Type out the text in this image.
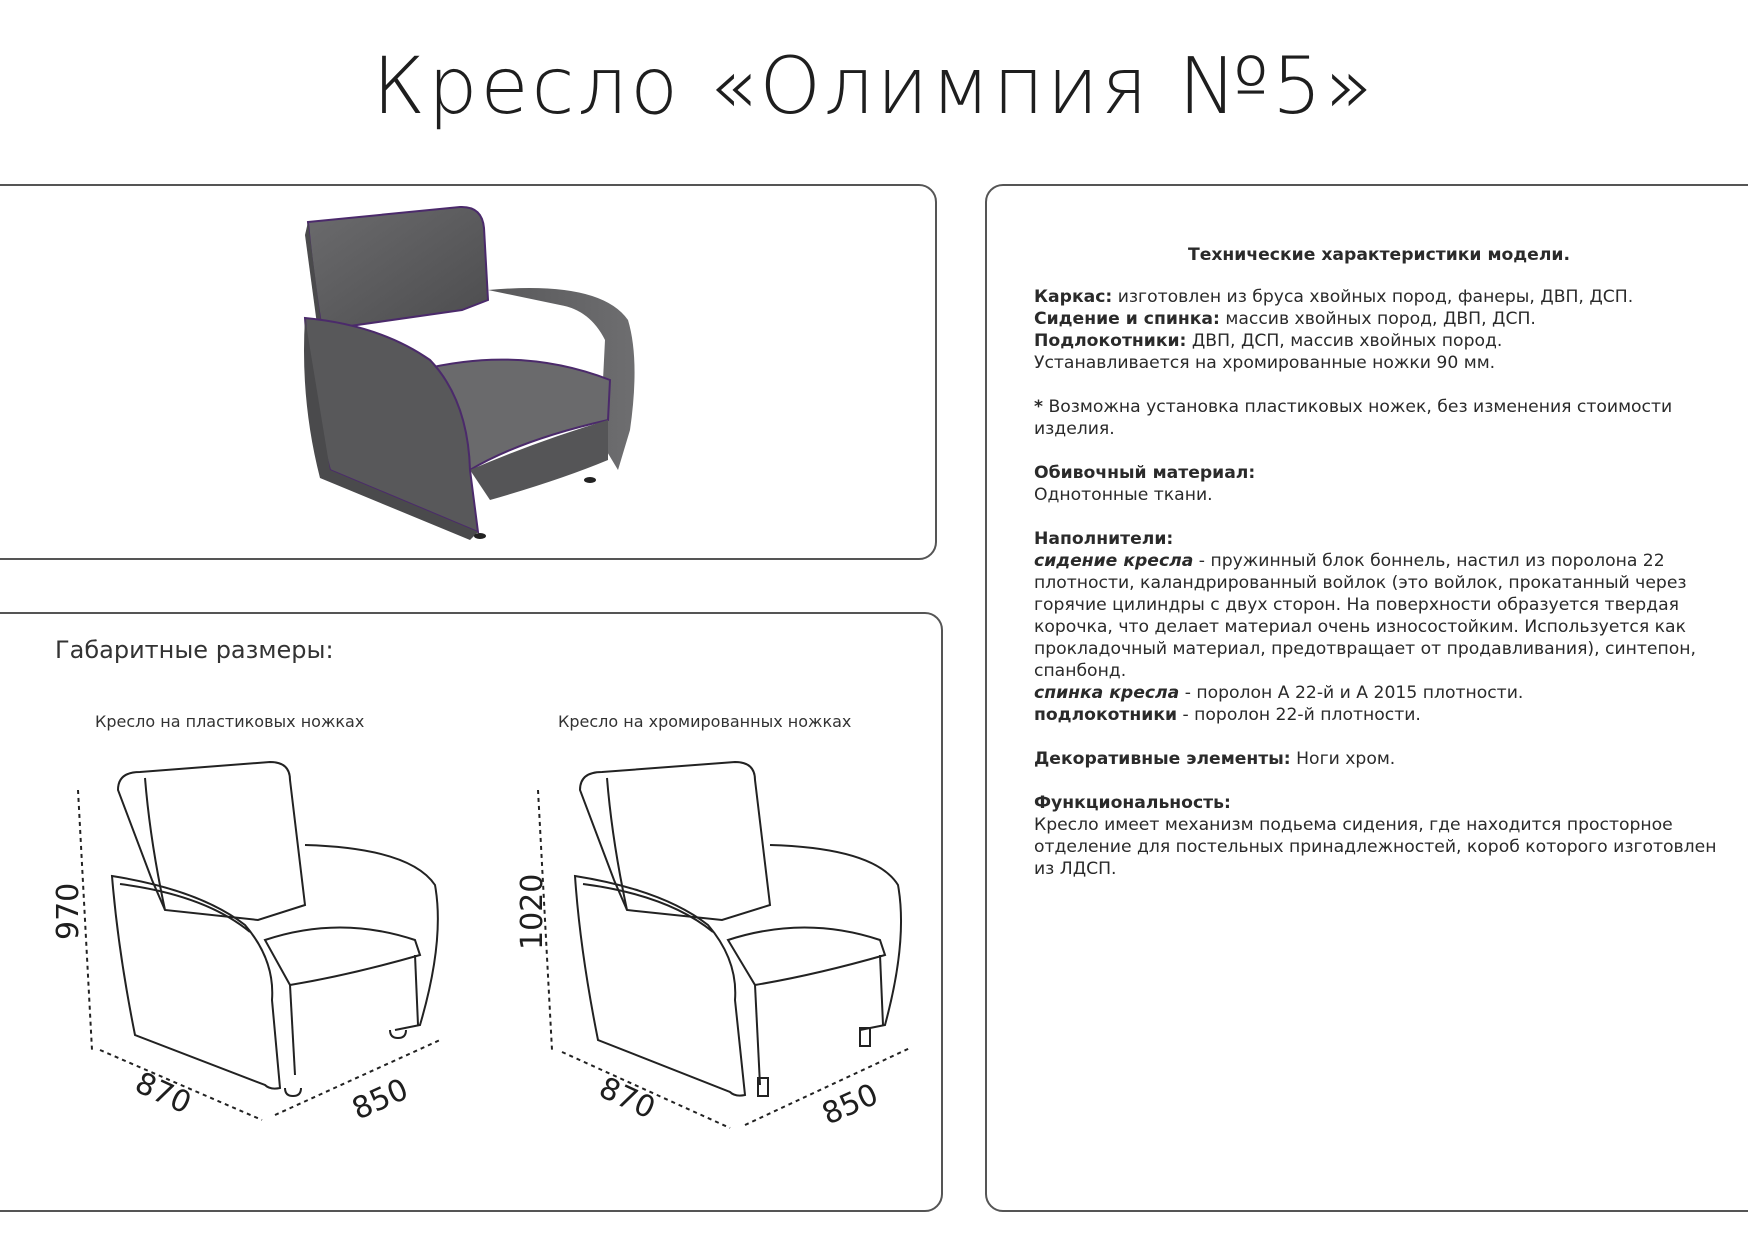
Кресло «Олимпия №5»
Габаритные размеры:
Кресло на пластиковых ножках	Кресло на хромированных ножках
970
870	850
1020
870	850
Технические характеристики модели.

Каркас: изготовлен из бруса хвойных пород, фанеры, ДВП, ДСП.

Сидение и спинка: массив хвойных пород, ДВП, ДСП.

Подлокотники: ДВП, ДСП, массив хвойных пород.

Устанавливается на хромированные ножки 90 мм.

* Возможна установка пластиковых ножек, без изменения стоимости изделия.

Обивочный материал:

Однотонные ткани.

Наполнители:

сидение кресла - пружинный блок боннель, настил из поролона 22 плотности, каландрированный войлок (это войлок, прокатанный через горячие цилиндры с двух сторон. На поверхности образуется твердая корочка, что делает материал очень износостойким. Используется как прокладочный материал, предотвращает от продавливания), синтепон, спанбонд.

спинка кресла - поролон А 22-й и А 2015 плотности.

подлокотники - поролон 22-й плотности.

Декоративные элементы: Ноги хром.

Функциональность:

Кресло имеет механизм подьема сидения, где находится просторное отделение для постельных принадлежностей, короб которого изготовлен из ЛДСП.
